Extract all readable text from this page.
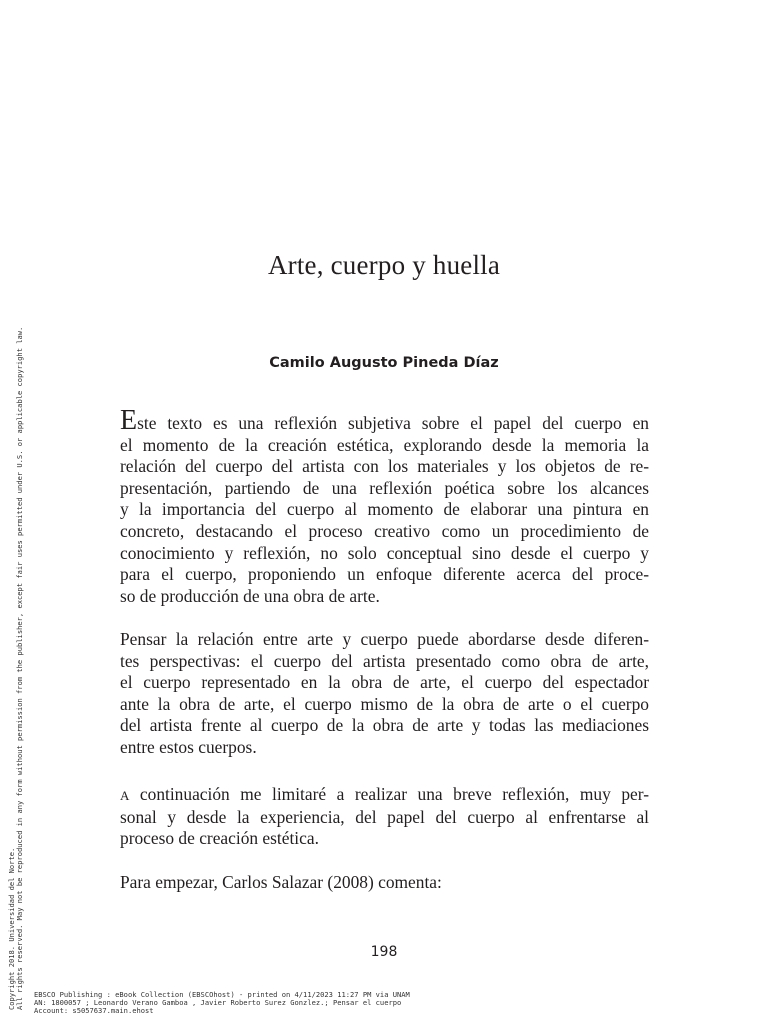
Arte, cuerpo y huella
Camilo Augusto Pineda Díaz
Este texto es una reflexión subjetiva sobre el papel del cuerpo en
el momento de la creación estética, explorando desde la memoria la
relación del cuerpo del artista con los materiales y los objetos de re-
presentación, partiendo de una reflexión poética sobre los alcances
y la importancia del cuerpo al momento de elaborar una pintura en
concreto, destacando el proceso creativo como un procedimiento de
conocimiento y reflexión, no solo conceptual sino desde el cuerpo y
para el cuerpo, proponiendo un enfoque diferente acerca del proce-
so de producción de una obra de arte.
Pensar la relación entre arte y cuerpo puede abordarse desde diferen-
tes perspectivas: el cuerpo del artista presentado como obra de arte,
el cuerpo representado en la obra de arte, el cuerpo del espectador
ante la obra de arte, el cuerpo mismo de la obra de arte o el cuerpo
del artista frente al cuerpo de la obra de arte y todas las mediaciones
entre estos cuerpos.
A continuación me limitaré a realizar una breve reflexión, muy per-
sonal y desde la experiencia, del papel del cuerpo al enfrentarse al
proceso de creación estética.
Para empezar, Carlos Salazar (2008) comenta:
198
Copyright 2018. Universidad del Norte. All rights reserved. May not be reproduced in any form without permission from the publisher, except fair uses permitted under U.S. or applicable copyright law. EBSCO Publishing : eBook Collection (EBSCOhost) - printed on 4/11/2023 11:27 PM via UNAM
AN: 1800057 ; Leonardo Verano Gamboa , Javier Roberto Surez Gonzlez.; Pensar el cuerpo
Account: s5057637.main.ehost
